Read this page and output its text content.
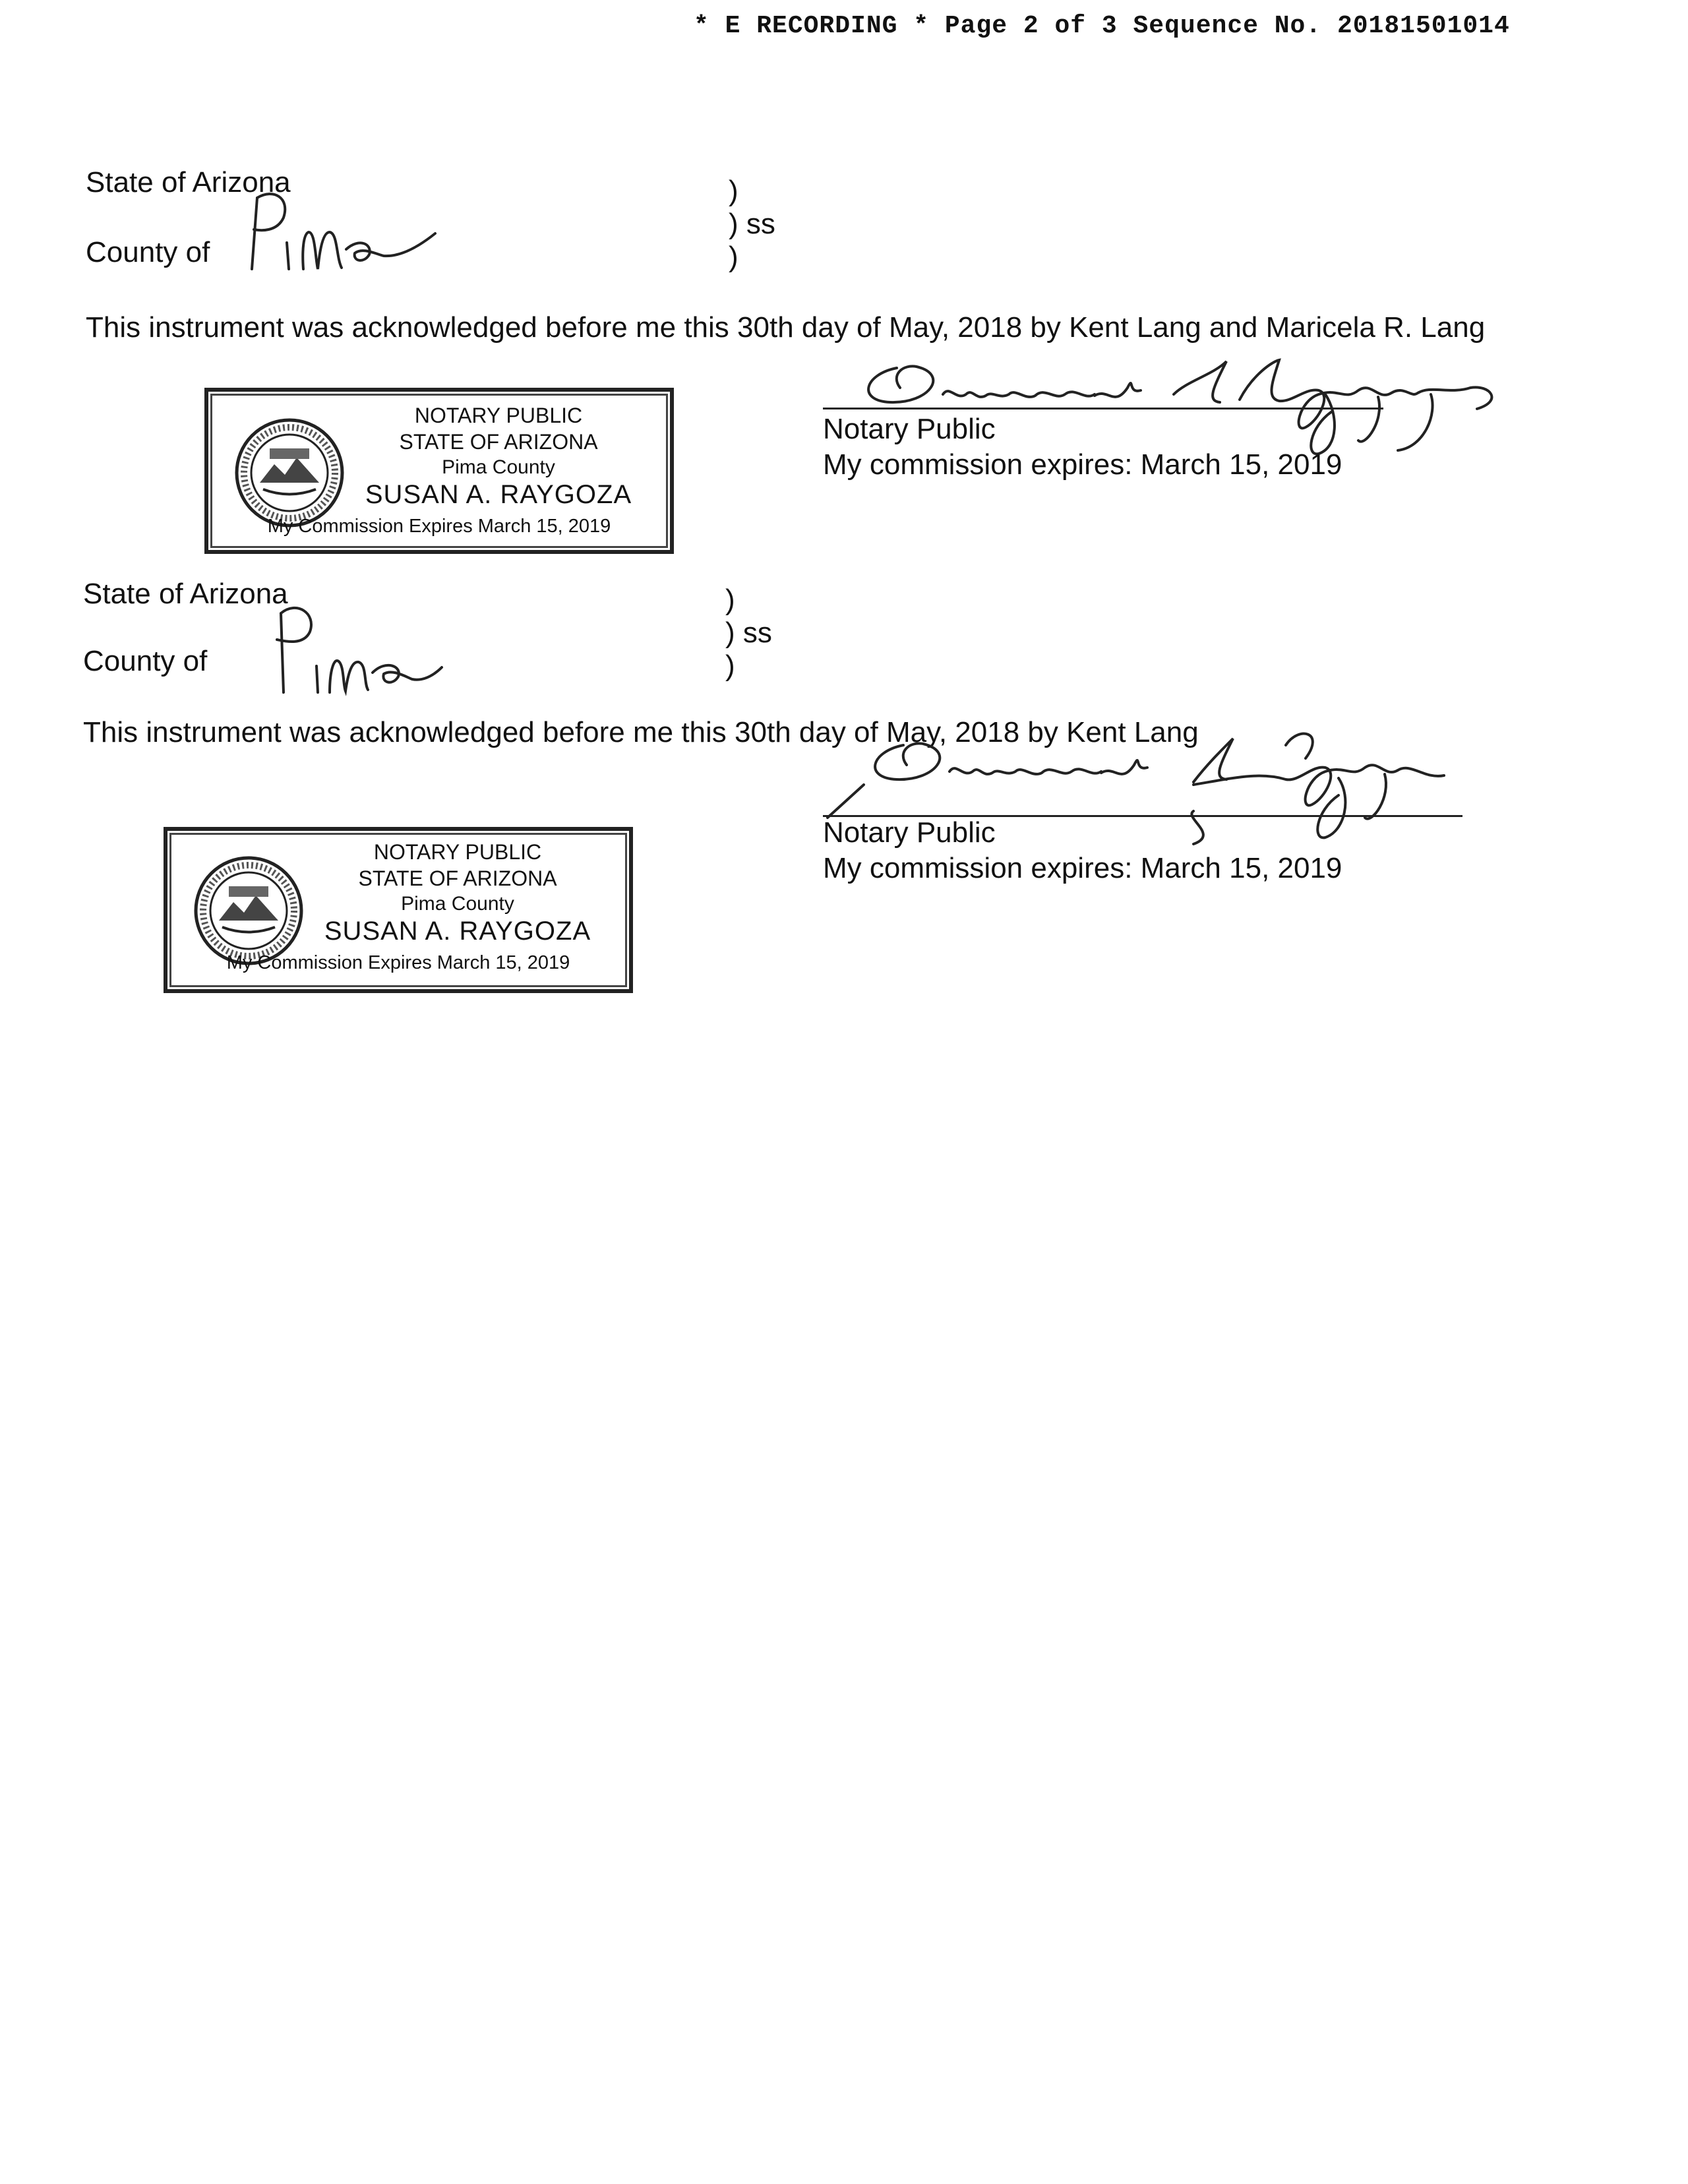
* E RECORDING * Page 2 of 3 Sequence No. 20181501014
State of Arizona
County of
)
) ss
)
This instrument was acknowledged before me this 30th day of May, 2018 by Kent Lang and Maricela R. Lang
NOTARY PUBLIC
STATE OF ARIZONA
Pima County
SUSAN A. RAYGOZA
My Commission Expires March 15, 2019
Notary Public
My commission expires: March 15, 2019
State of Arizona
County of
)
) ss
)
This instrument was acknowledged before me this 30th day of May, 2018 by Kent Lang
NOTARY PUBLIC
STATE OF ARIZONA
Pima County
SUSAN A. RAYGOZA
My Commission Expires March 15, 2019
Notary Public
My commission expires: March 15, 2019
